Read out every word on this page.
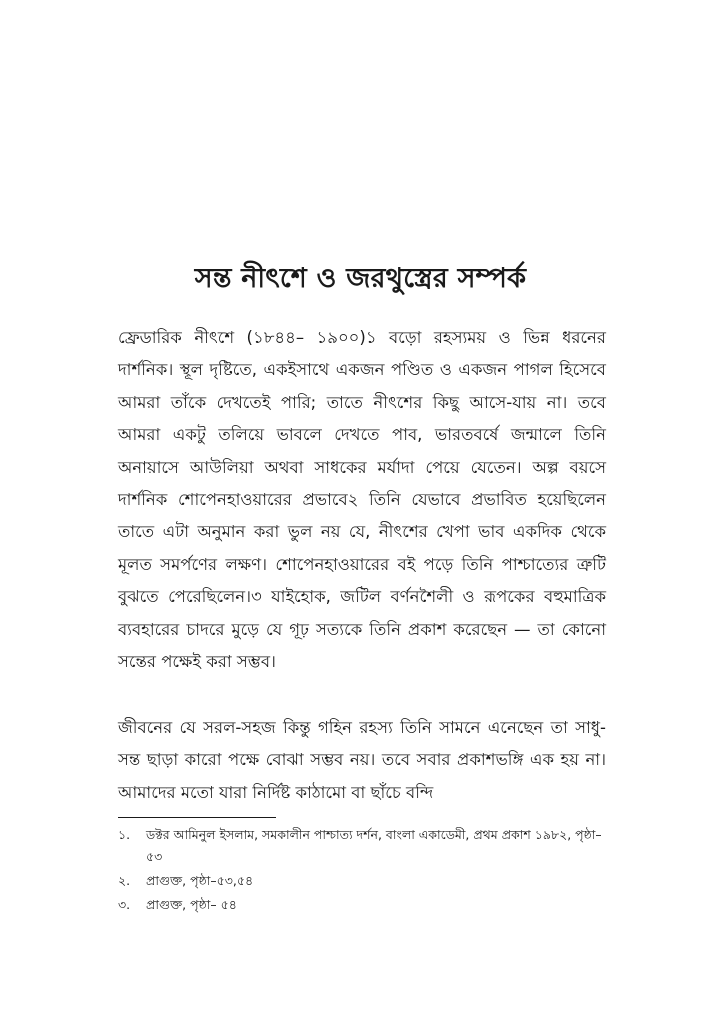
সন্ত নীৎশে ও জরথুস্ত্রের সম্পর্ক

ফ্রেডারিক নীৎশে (১৮৪৪– ১৯০০)১ বড়ো রহস্যময় ও ভিন্ন ধরনের দার্শনিক। স্থূল দৃষ্টিতে, একইসাথে একজন পণ্ডিত ও একজন পাগল হিসেবে আমরা তাঁকে দেখতেই পারি; তাতে নীৎশের কিছু আসে-যায় না। তবে আমরা একটু তলিয়ে ভাবলে দেখতে পাব, ভারতবর্ষে জন্মালে তিনি অনায়াসে আউলিয়া অথবা সাধকের মর্যাদা পেয়ে যেতেন। অল্প বয়সে দার্শনিক শোপেনহাওয়ারের প্রভাবে২ তিনি যেভাবে প্রভাবিত হয়েছিলেন তাতে এটা অনুমান করা ভুল নয় যে, নীৎশের খেপা ভাব একদিক থেকে মূলত সমর্পণের লক্ষণ। শোপেনহাওয়ারের বই পড়ে তিনি পাশ্চাত্যের ত্রুটি বুঝতে পেরেছিলেন।৩ যাইহোক, জটিল বর্ণনশৈলী ও রূপকের বহুমাত্রিক ব্যবহারের চাদরে মুড়ে যে গূঢ় সত্যকে তিনি প্রকাশ করেছেন — তা কোনো সন্তের পক্ষেই করা সম্ভব।

জীবনের যে সরল-সহজ কিন্তু গহিন রহস্য তিনি সামনে এনেছেন তা সাধু-সন্ত ছাড়া কারো পক্ষে বোঝা সম্ভব নয়। তবে সবার প্রকাশভঙ্গি এক হয় না। আমাদের মতো যারা নির্দিষ্ট কাঠামো বা ছাঁচে বন্দি

১.	ডক্টর আমিনুল ইসলাম, সমকালীন পাশ্চাত্য দর্শন, বাংলা একাডেমী, প্রথম প্রকাশ ১৯৮২, পৃষ্ঠা– ৫৩
২.	প্রাগুক্ত, পৃষ্ঠা–৫৩,৫৪
৩.	প্রাগুক্ত, পৃষ্ঠা– ৫৪
